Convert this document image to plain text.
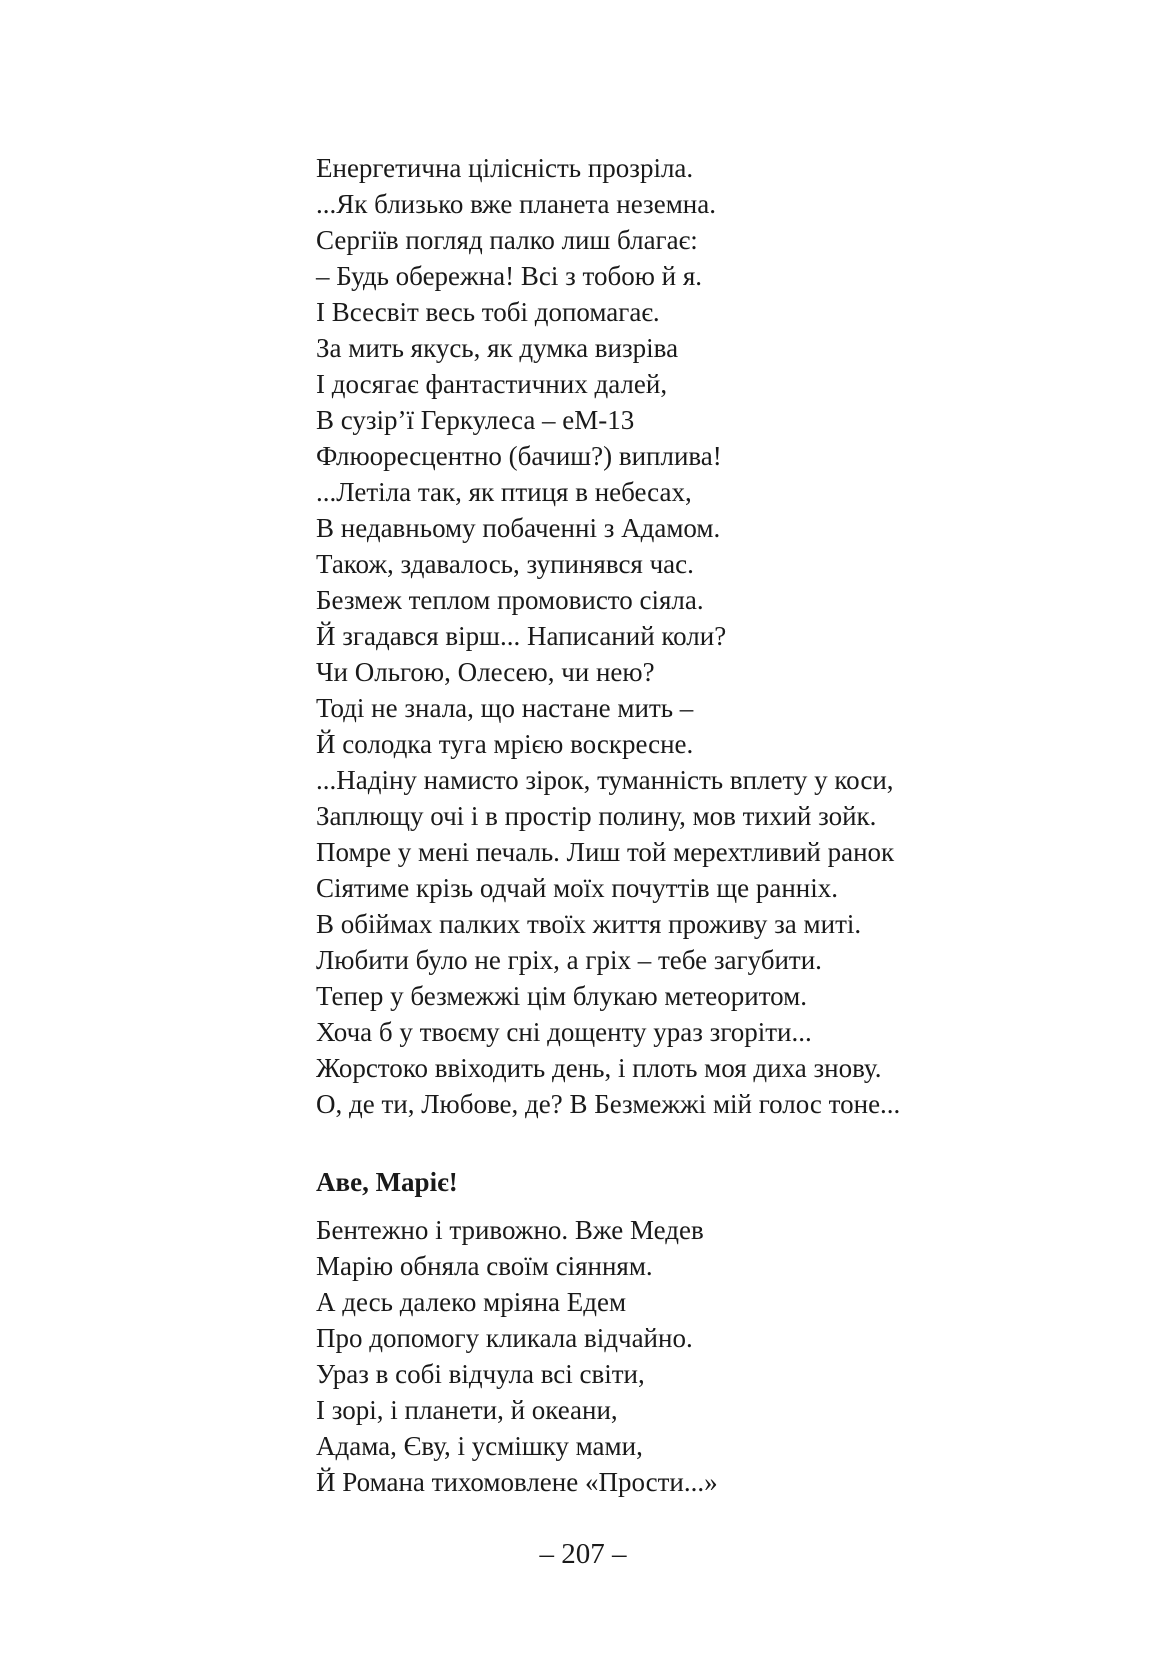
Енергетична цілісність прозріла.
...Як близько вже планета неземна.
Сергіїв погляд палко лиш благає:
– Будь обережна! Всі з тобою й я.
І Всесвіт весь тобі допомагає.
За мить якусь, як думка визріва
І досягає фантастичних далей,
В сузір’ї Геркулеса – еМ-13
Флюоресцентно (бачиш?) виплива!
...Летіла так, як птиця в небесах,
В недавньому побаченні з Адамом.
Також, здавалось, зупинявся час.
Безмеж теплом промовисто сіяла.
Й згадався вірш... Написаний коли?
Чи Ольгою, Олесею, чи нею?
Тоді не знала, що настане мить –
Й солодка туга мрією воскресне.
...Надіну намисто зірок, туманність вплету у коси,
Заплющу очі і в простір полину, мов тихий зойк.
Помре у мені печаль. Лиш той мерехтливий ранок
Сіятиме крізь одчай моїх почуттів ще ранніх.
В обіймах палких твоїх життя проживу за миті.
Любити було не гріх, а гріх – тебе загубити.
Тепер у безмежжі цім блукаю метеоритом.
Хоча б у твоєму сні дощенту ураз згоріти...
Жорстоко ввіходить день, і плоть моя диха знову.
О, де ти, Любове, де? В Безмежжі мій голос тоне...
Аве, Маріє!
Бентежно і тривожно. Вже Медев
Марію обняла своїм сіянням.
А десь далеко мріяна Едем
Про допомогу кликала відчайно.
Ураз в собі відчула всі світи,
І зорі, і планети, й океани,
Адама, Єву, і усмішку мами,
Й Романа тихомовлене «Прости...»
– 207 –
